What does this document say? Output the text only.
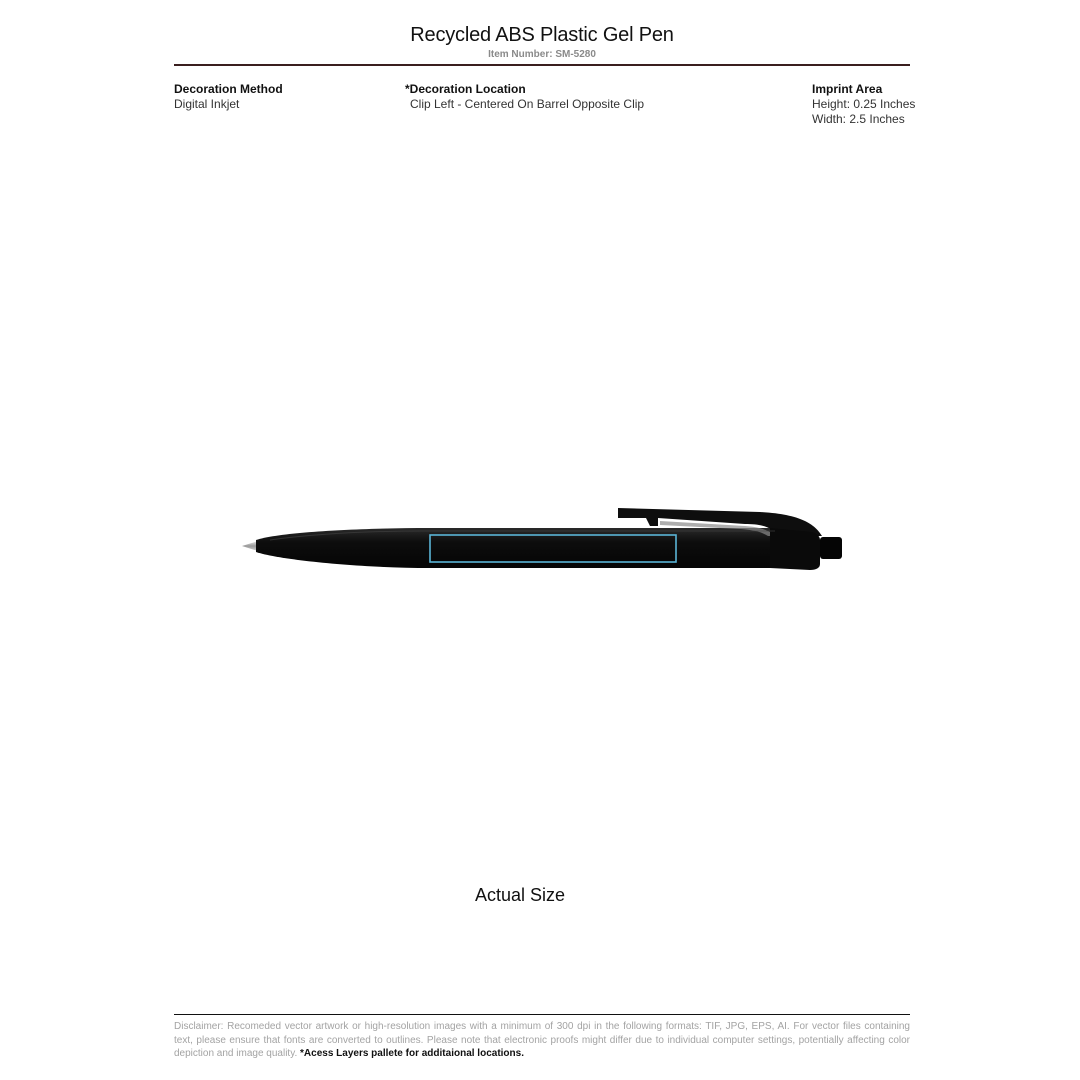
Recycled ABS Plastic Gel Pen
Item Number: SM-5280
Decoration Method
Digital Inkjet
*Decoration Location
Clip Left - Centered On Barrel Opposite Clip
Imprint Area
Height: 0.25 Inches
Width: 2.5 Inches
Actual Size
Disclaimer: Recomeded vector artwork or high-resolution images with a minimum of 300 dpi in the following formats: TIF, JPG, EPS, AI. For vector files containing text, please ensure that fonts are converted to outlines. Please note that electronic proofs might differ due to individual computer settings, potentially affecting color depiction and image quality. *Acess Layers pallete for additaional locations.
